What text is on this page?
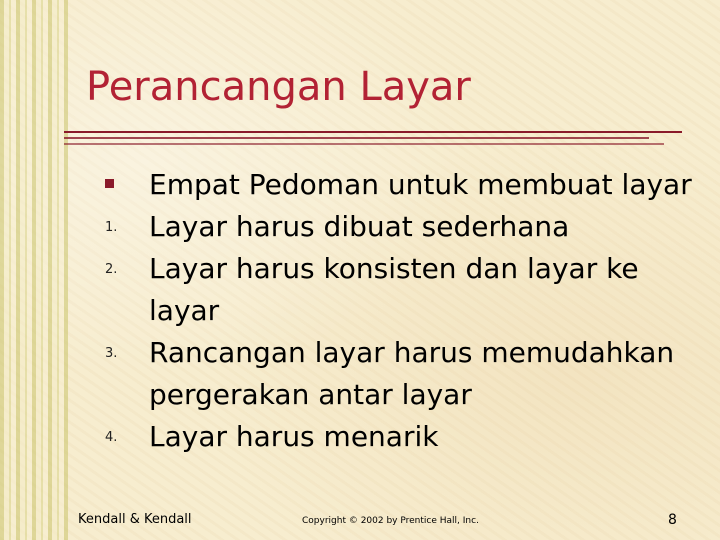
Perancangan Layar
Empat Pedoman untuk membuat layar
1. Layar harus dibuat sederhana
2. Layar harus konsisten dan layar ke layar
3. Rancangan layar harus memudahkan pergerakan antar layar
4. Layar harus menarik
Kendall & Kendall	Copyright © 2002 by Prentice Hall, Inc.	8
